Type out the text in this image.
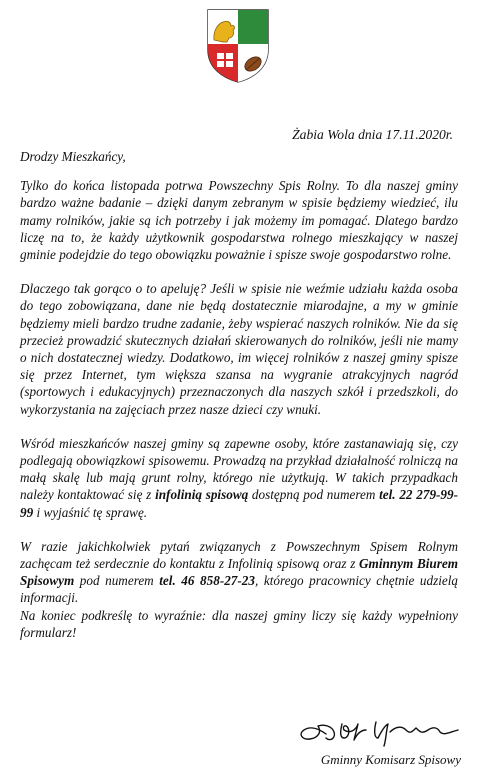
Żabia Wola dnia 17.11.2020r.

Drodzy Mieszkańcy,

Tylko do końca listopada potrwa Powszechny Spis Rolny. To dla naszej gminy bardzo ważne badanie – dzięki danym zebranym w spisie będziemy wiedzieć, ilu mamy rolników, jakie są ich potrzeby i jak możemy im pomagać. Dlatego bardzo liczę na to, że każdy użytkownik gospodarstwa rolnego mieszkający w naszej gminie podejdzie do tego obowiązku poważnie i spisze swoje gospodarstwo rolne.

Dlaczego tak gorąco o to apeluję? Jeśli w spisie nie weźmie udziału każda osoba do tego zobowiązana, dane nie będą dostatecznie miarodajne, a my w gminie będziemy mieli bardzo trudne zadanie, żeby wspierać naszych rolników. Nie da się przecież prowadzić skutecznych działań skierowanych do rolników, jeśli nie mamy o nich dostatecznej wiedzy. Dodatkowo, im więcej rolników z naszej gminy spisze się przez Internet, tym większa szansa na wygranie atrakcyjnych nagród (sportowych i edukacyjnych) przeznaczonych dla naszych szkół i przedszkoli, do wykorzystania na zajęciach przez nasze dzieci czy wnuki.

Wśród mieszkańców naszej gminy są zapewne osoby, które zastanawiają się, czy podlegają obowiązkowi spisowemu. Prowadzą na przykład działalność rolniczą na małą skalę lub mają grunt rolny, którego nie użytkują. W takich przypadkach należy kontaktować się z infolinią spisową dostępną pod numerem tel. 22 279-99-99 i wyjaśnić tę sprawę.

W razie jakichkolwiek pytań związanych z Powszechnym Spisem Rolnym zachęcam też serdecznie do kontaktu z Infolinią spisową oraz z Gminnym Biurem Spisowym pod numerem tel. 46 858-27-23, którego pracownicy chętnie udzielą informacji.

Na koniec podkreślę to wyraźnie: dla naszej gminy liczy się każdy wypełniony formularz!

Gminny Komisarz Spisowy
